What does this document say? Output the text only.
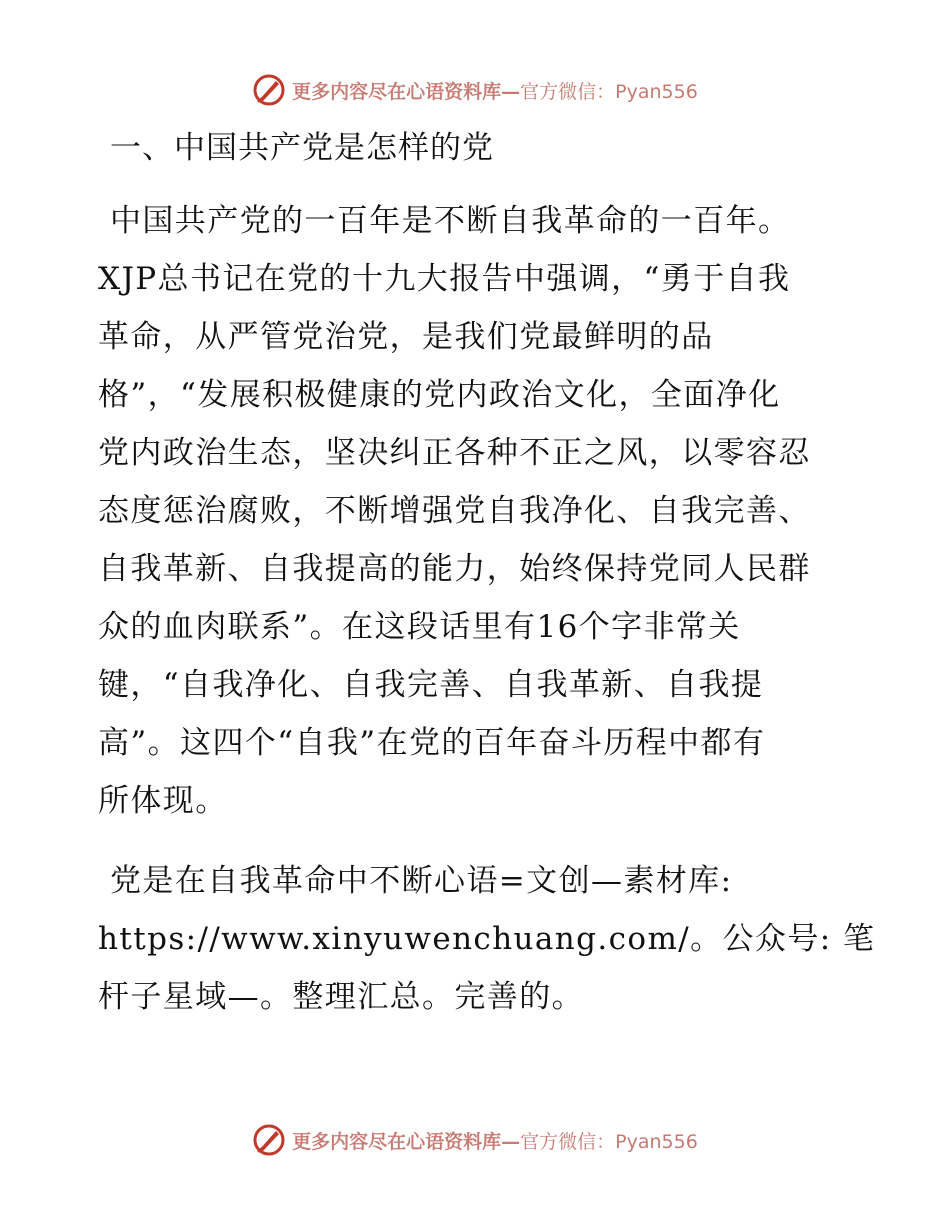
更多内容尽在心语资料库—官方微信：Pyan556
一、中国共产党是怎样的党
中国共产党的一百年是不断自我革命的一百年。
XJP总书记在党的十九大报告中强调，“勇于自我
革命，从严管党治党，是我们党最鲜明的品
格”，“发展积极健康的党内政治文化，全面净化
党内政治生态，坚决纠正各种不正之风，以零容忍
态度惩治腐败，不断增强党自我净化、自我完善、
自我革新、自我提高的能力，始终保持党同人民群
众的血肉联系”。在这段话里有16个字非常关
键，“自我净化、自我完善、自我革新、自我提
高”。这四个“自我”在党的百年奋斗历程中都有
所体现。
党是在自我革命中不断心语=文创—素材库:
https://www.xinyuwenchuang.com/。公众号: 笔
杆子星域—。整理汇总。完善的。
更多内容尽在心语资料库—官方微信：Pyan556
